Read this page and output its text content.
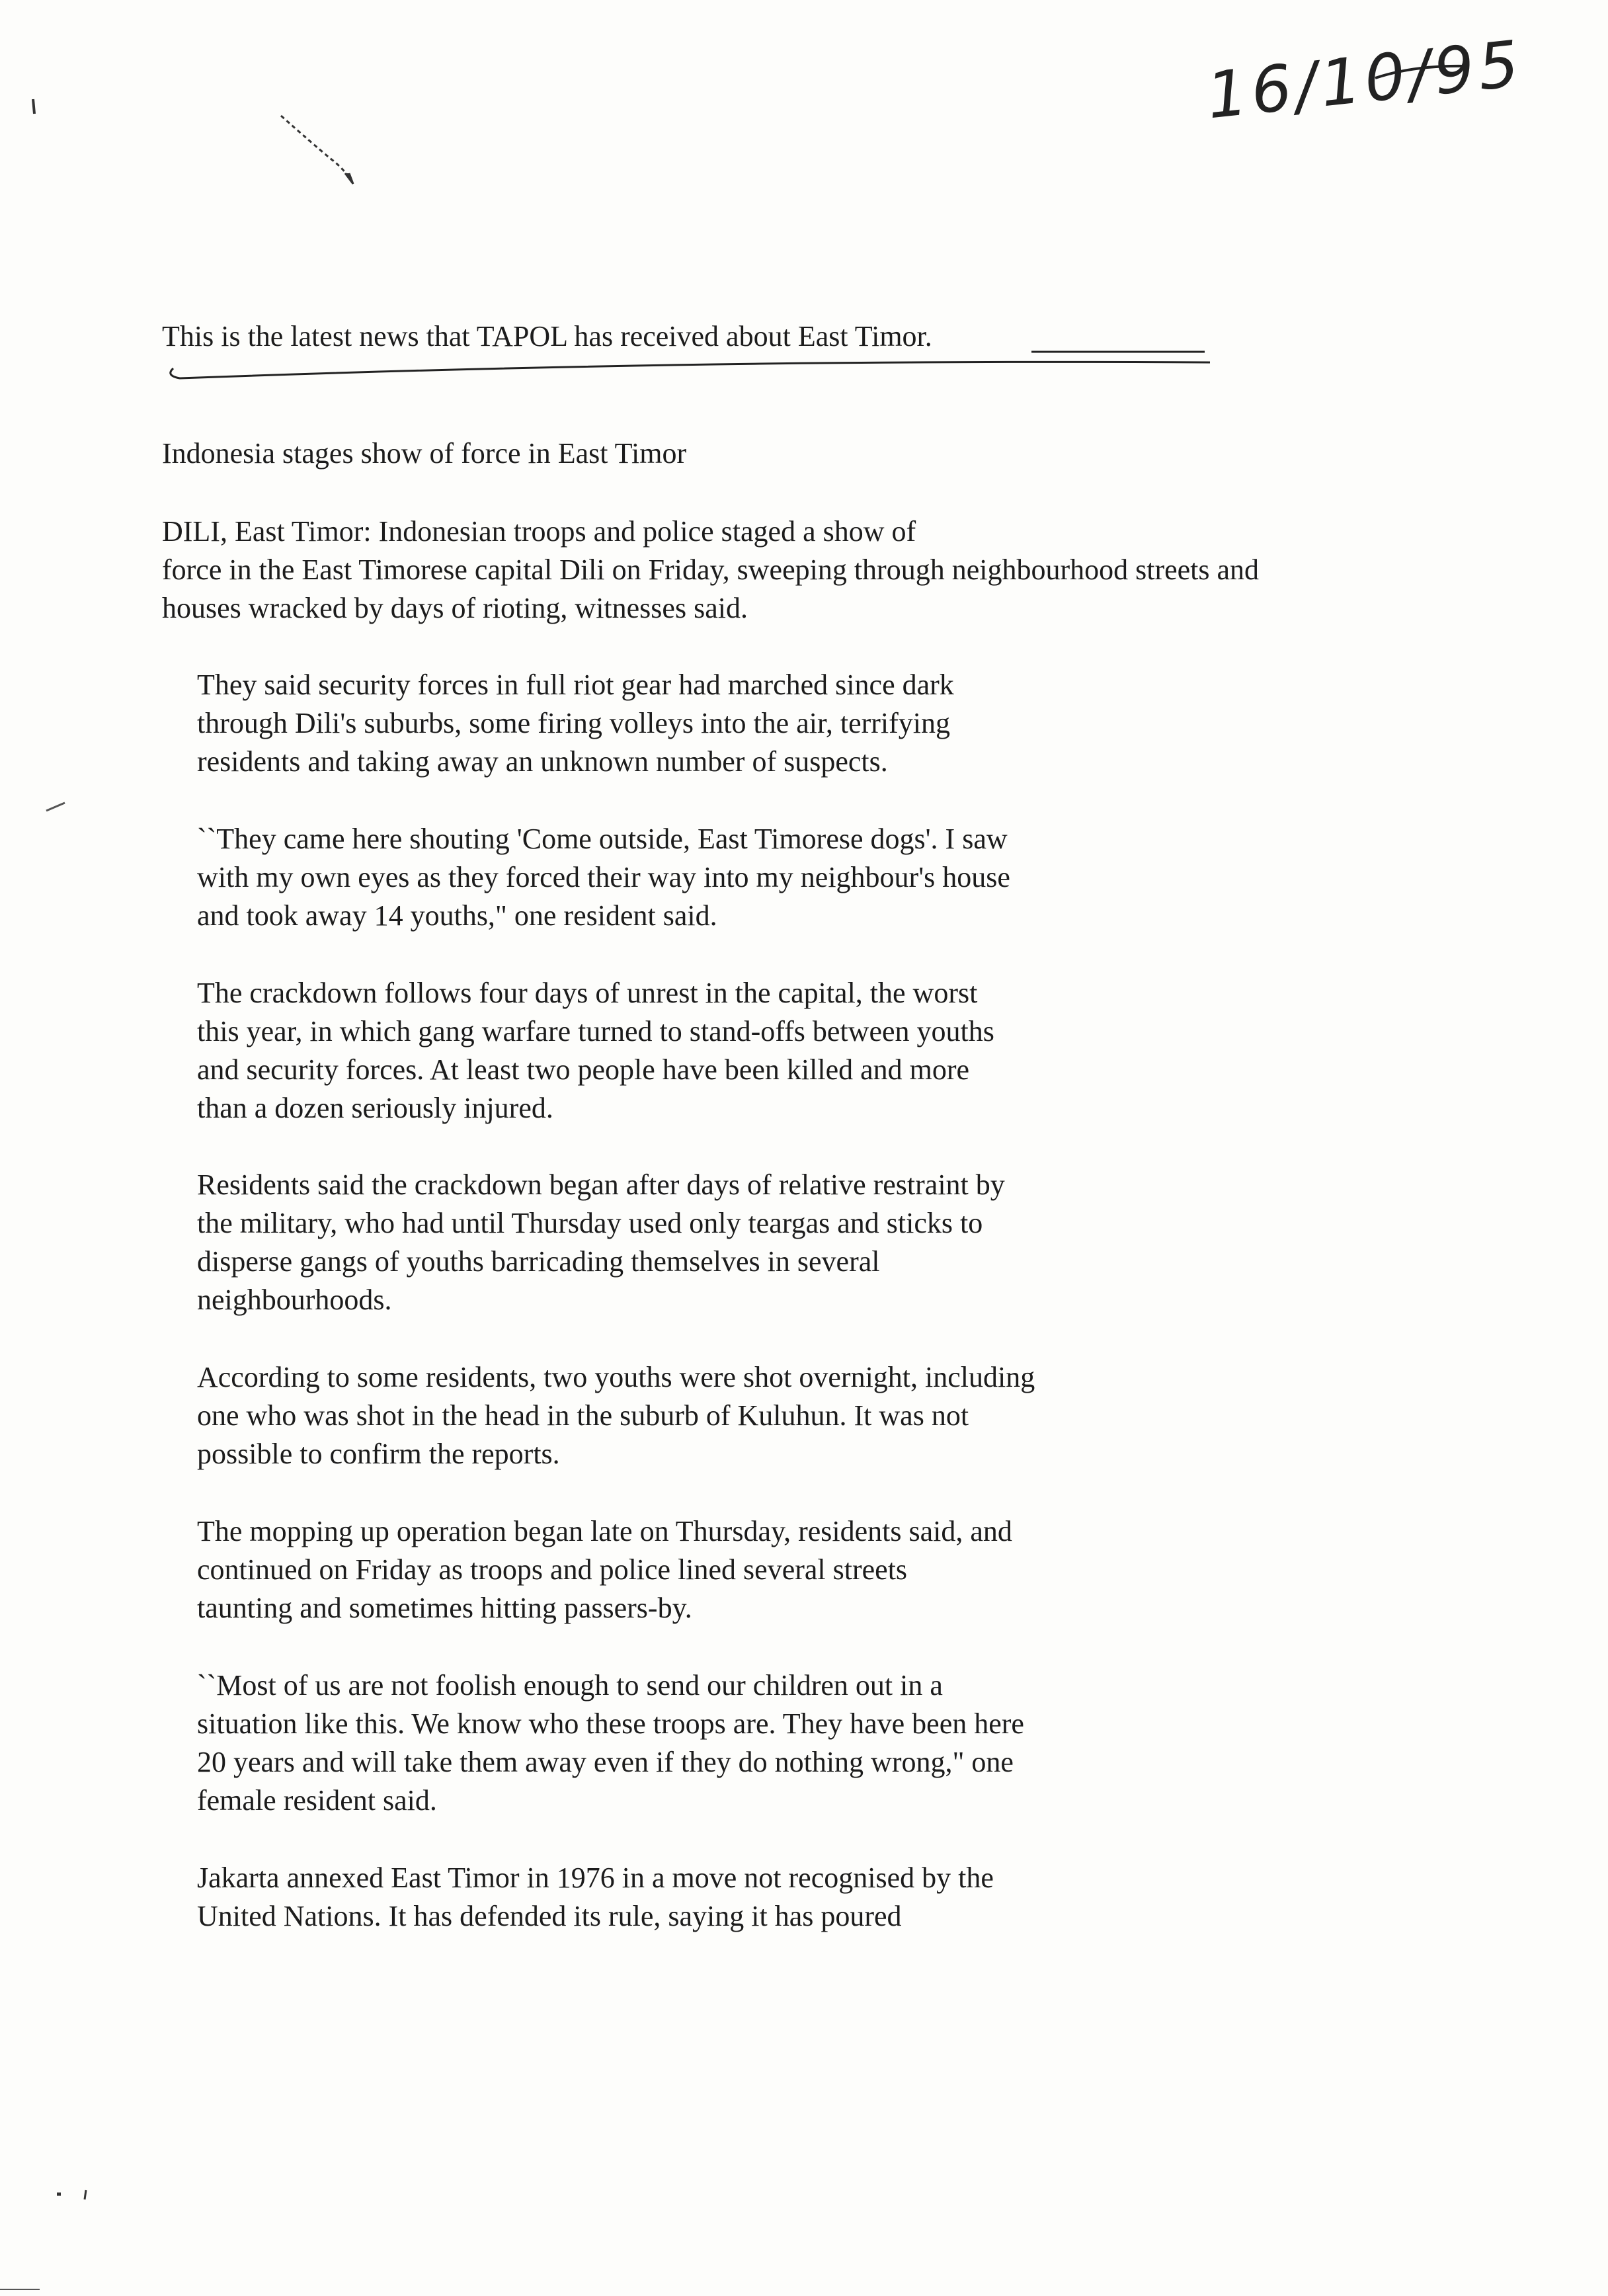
16/10/95
This is the latest news that TAPOL has received about East Timor.
Indonesia stages show of force in East Timor
DILI, East Timor: Indonesian troops and police staged a show of
force in the East Timorese capital Dili on Friday, sweeping through neighbourhood streets and
houses wracked by days of rioting, witnesses said.
They said security forces in full riot gear had marched since dark
through Dili's suburbs, some firing volleys into the air, terrifying
residents and taking away an unknown number of suspects.
``They came here shouting 'Come outside, East Timorese dogs'. I saw
with my own eyes as they forced their way into my neighbour's house
and took away 14 youths," one resident said.
The crackdown follows four days of unrest in the capital, the worst
this year, in which gang warfare turned to stand-offs between youths
and security forces. At least two people have been killed and more
than a dozen seriously injured.
Residents said the crackdown began after days of relative restraint by
the military, who had until Thursday used only teargas and sticks to
disperse gangs of youths barricading themselves in several
neighbourhoods.
According to some residents, two youths were shot overnight, including
one who was shot in the head in the suburb of Kuluhun. It was not
possible to confirm the reports.
The mopping up operation began late on Thursday, residents said, and
continued on Friday as troops and police lined several streets
taunting and sometimes hitting passers-by.
``Most of us are not foolish enough to send our children out in a
situation like this. We know who these troops are. They have been here
20 years and will take them away even if they do nothing wrong," one
female resident said.
Jakarta annexed East Timor in 1976 in a move not recognised by the
United Nations. It has defended its rule, saying it has poured
